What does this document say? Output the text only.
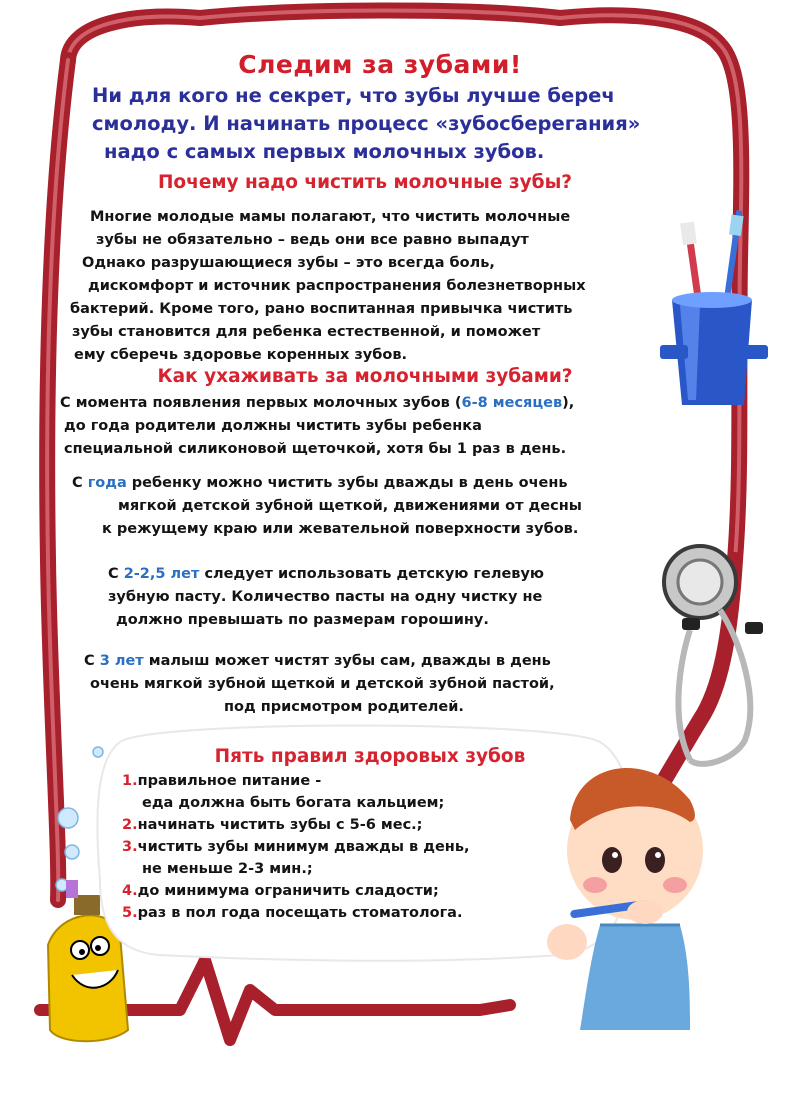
Следим за зубами!
Ни для кого не секрет, что зубы лучше береч
смолоду. И начинать процесс «зубосберегания»
надо с самых первых молочных зубов.
Почему надо чистить молочные зубы?
Многие молодые мамы полагают, что чистить молочные
зубы не обязательно – ведь они все равно выпадут
Однако разрушающиеся зубы – это всегда боль,
дискомфорт и источник распространения болезнетворных
бактерий. Кроме того, рано воспитанная привычка чистить
зубы становится для ребенка естественной, и поможет
ему сберечь здоровье коренных зубов.
Как ухаживать за молочными зубами?
С момента появления первых молочных зубов (6-8 месяцев),
до года родители должны чистить зубы ребенка
специальной силиконовой щеточкой, хотя бы 1 раз в день.
С года ребенку можно чистить зубы дважды в день очень
мягкой детской зубной щеткой, движениями от десны
к режущему краю или жевательной поверхности зубов.
С 2-2,5 лет следует использовать детскую гелевую
зубную пасту. Количество пасты на одну чистку не
должно превышать по размерам горошину.
С 3 лет малыш может чистят зубы сам, дважды в день
очень мягкой зубной щеткой и детской зубной пастой,
под присмотром родителей.
Пять правил здоровых зубов
1.правильное питание -
еда должна быть богата кальцием;
2.начинать чистить зубы с 5-6 мес.;
3.чистить зубы минимум дважды в день,
не меньше 2-3 мин.;
4.до минимума ограничить сладости;
5.раз в пол года посещать стоматолога.
